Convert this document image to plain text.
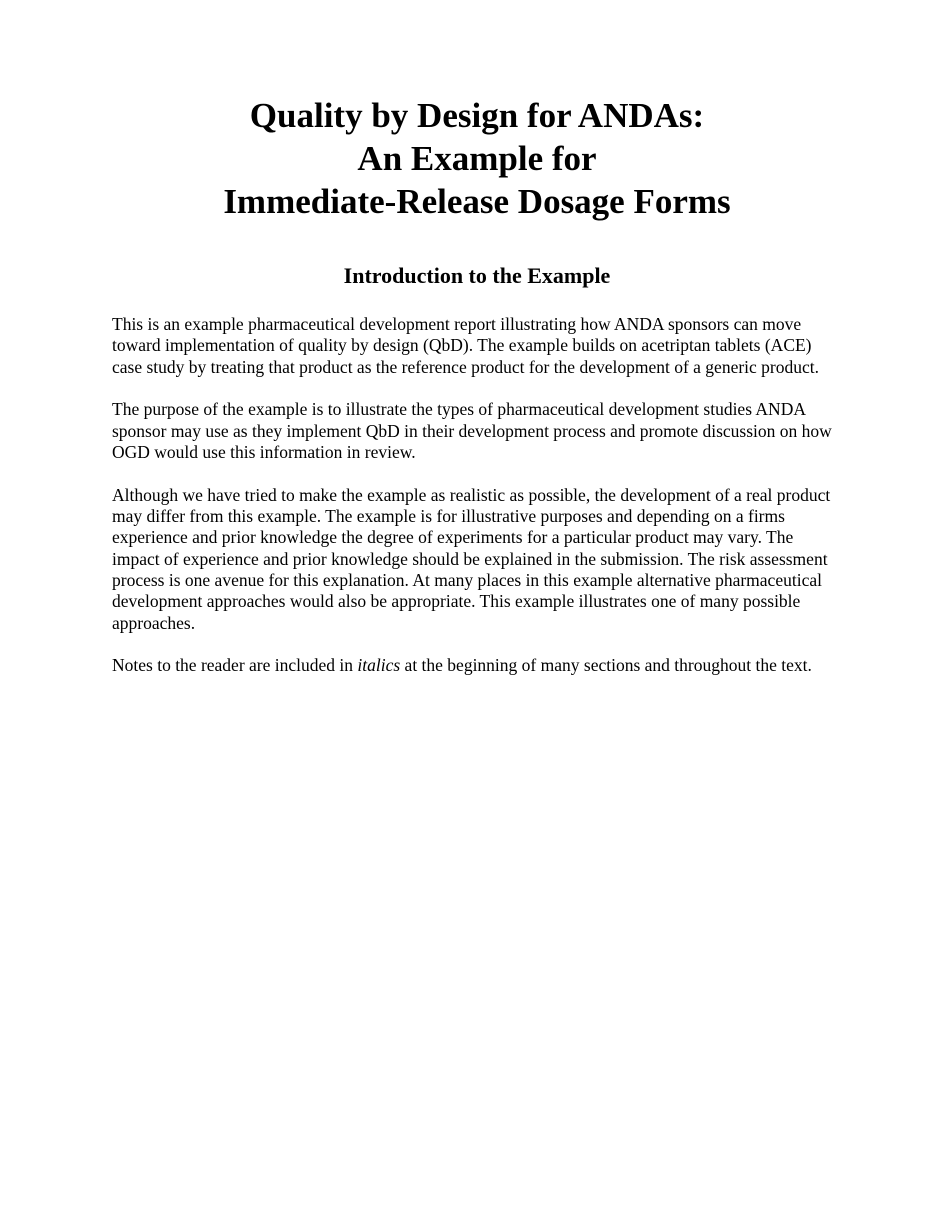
Quality by Design for ANDAs:
An Example for
Immediate-Release Dosage Forms
Introduction to the Example

This is an example pharmaceutical development report illustrating how ANDA sponsors can move toward implementation of quality by design (QbD). The example builds on acetriptan tablets (ACE) case study by treating that product as the reference product for the development of a generic product.

The purpose of the example is to illustrate the types of pharmaceutical development studies ANDA sponsor may use as they implement QbD in their development process and promote discussion on how OGD would use this information in review.

Although we have tried to make the example as realistic as possible, the development of a real product may differ from this example. The example is for illustrative purposes and depending on a firms experience and prior knowledge the degree of experiments for a particular product may vary. The impact of experience and prior knowledge should be explained in the submission. The risk assessment process is one avenue for this explanation. At many places in this example alternative pharmaceutical development approaches would also be appropriate. This example illustrates one of many possible approaches.

Notes to the reader are included in italics at the beginning of many sections and throughout the text.
